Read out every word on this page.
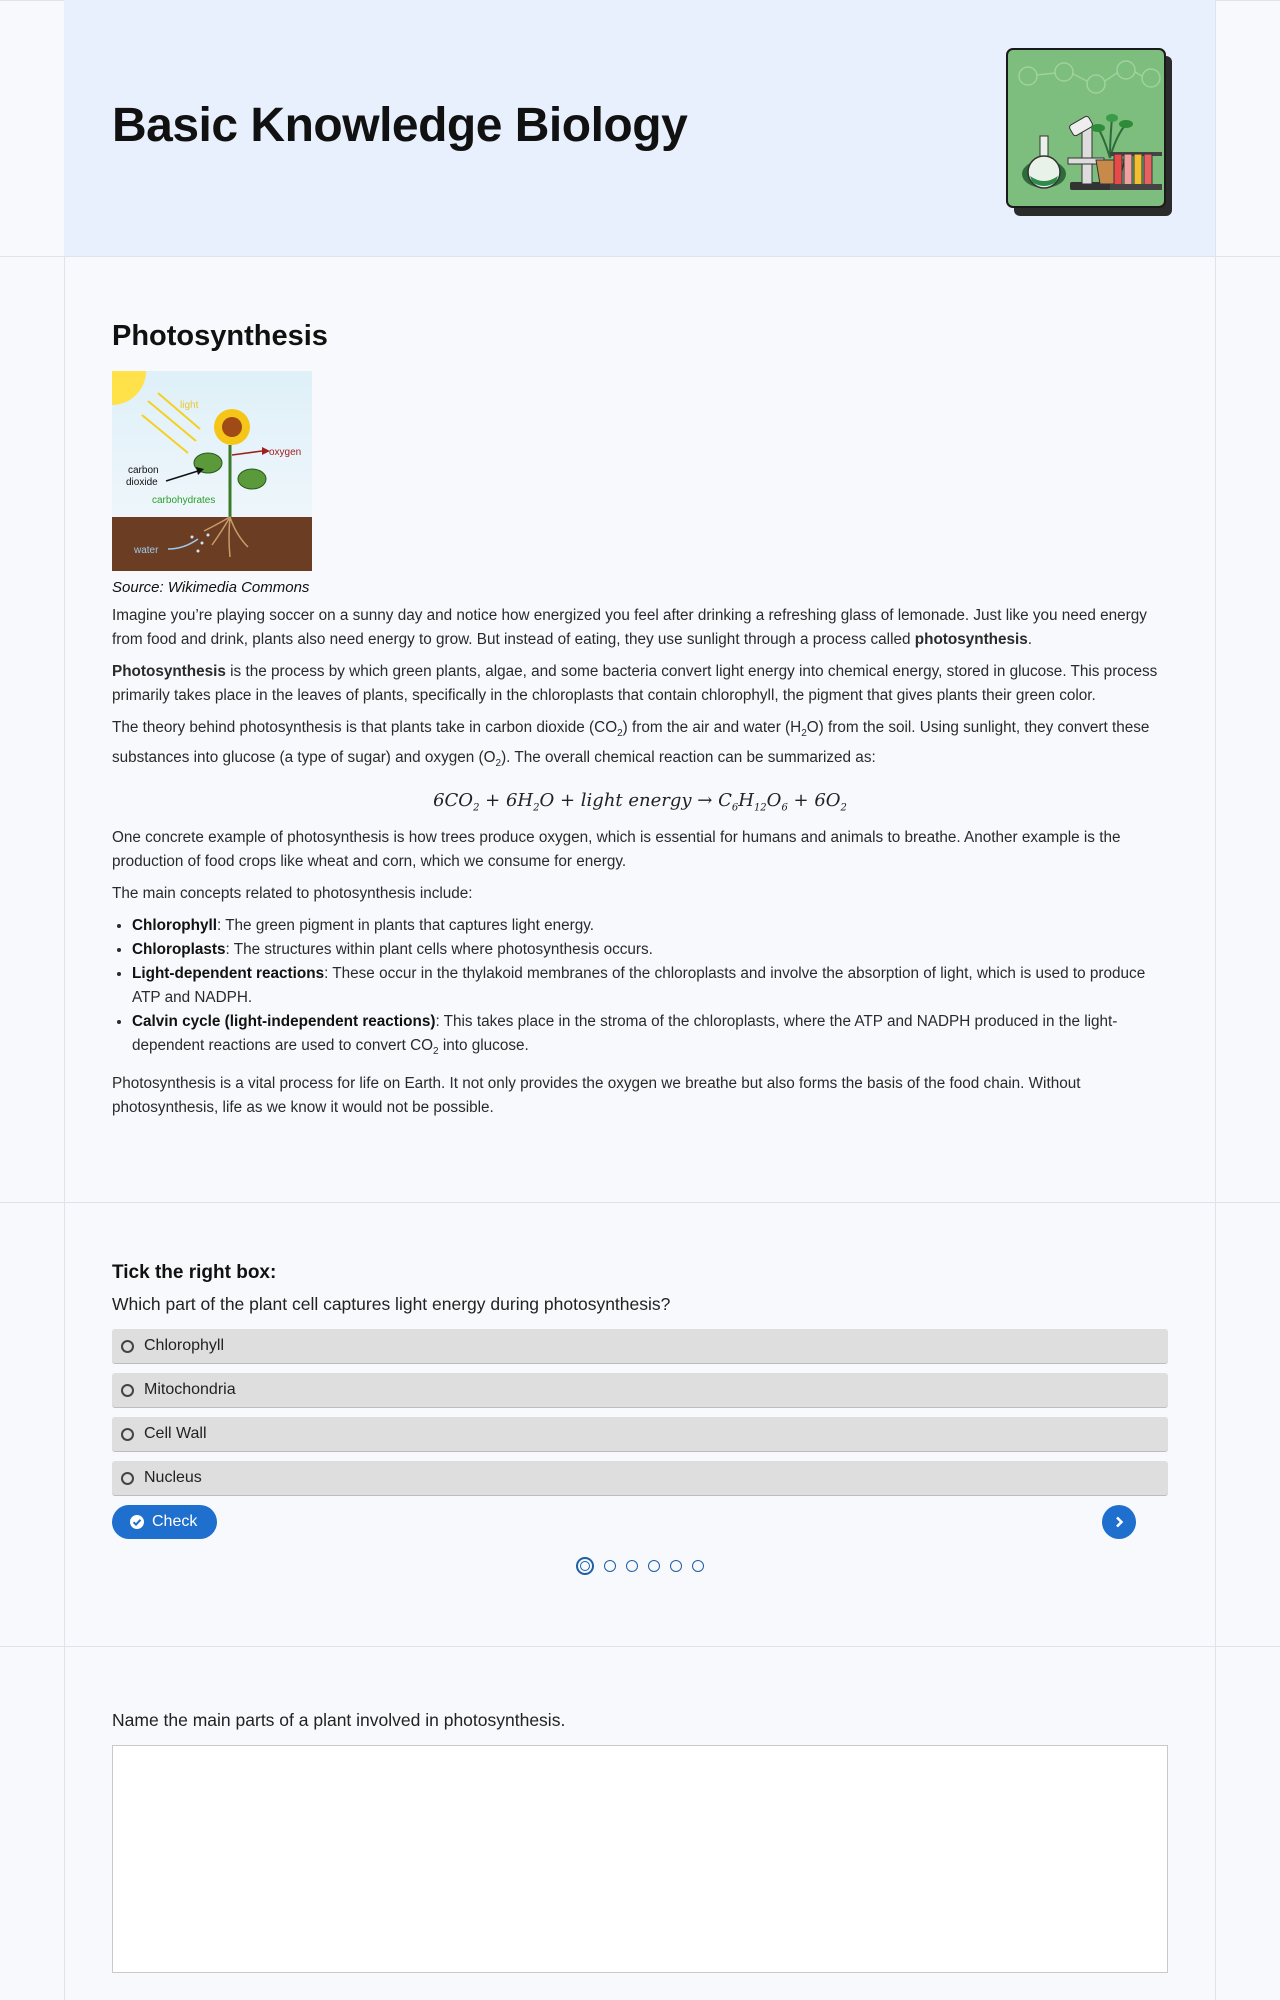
Basic Knowledge Biology
Photosynthesis
light
oxygen
carbon
dioxide
carbohydrates
water

Source: Wikimedia Commons

Imagine you’re playing soccer on a sunny day and notice how energized you feel after drinking a refreshing glass of lemonade. Just like you need energy from food and drink, plants also need energy to grow. But instead of eating, they use sunlight through a process called photosynthesis.

Photosynthesis is the process by which green plants, algae, and some bacteria convert light energy into chemical energy, stored in glucose. This process primarily takes place in the leaves of plants, specifically in the chloroplasts that contain chlorophyll, the pigment that gives plants their green color.

The theory behind photosynthesis is that plants take in carbon dioxide $(CO_2)$ from the air and water $(H_2O)$ from the soil. Using sunlight, they convert these substances into glucose (a type of sugar) and oxygen $(O_2)$. The overall chemical reaction can be summarized as:

$6CO_2 + 6H_2O$ + light energy → $C_6H_{12}O_6 + 6O_2$

One concrete example of photosynthesis is how trees produce oxygen, which is essential for humans and animals to breathe. Another example is the production of food crops like wheat and corn, which we consume for energy.

The main concepts related to photosynthesis include:

• Chlorophyll: The green pigment in plants that captures light energy.
• Chloroplasts: The structures within plant cells where photosynthesis occurs.
• Light-dependent reactions: These occur in the thylakoid membranes of the chloroplasts and involve the absorption of light, which is used to produce ATP and NADPH.
• Calvin cycle (light-independent reactions): This takes place in the stroma of the chloroplasts, where the ATP and NADPH produced in the light-dependent reactions are used to convert $CO_2$ into glucose.

Photosynthesis is a vital process for life on Earth. It not only provides the oxygen we breathe but also forms the basis of the food chain. Without photosynthesis, life as we know it would not be possible.

Tick the right box:

Which part of the plant cell captures light energy during photosynthesis?

Chlorophyll
Mitochondria
Cell Wall
Nucleus
Check

Name the main parts of a plant involved in photosynthesis.
